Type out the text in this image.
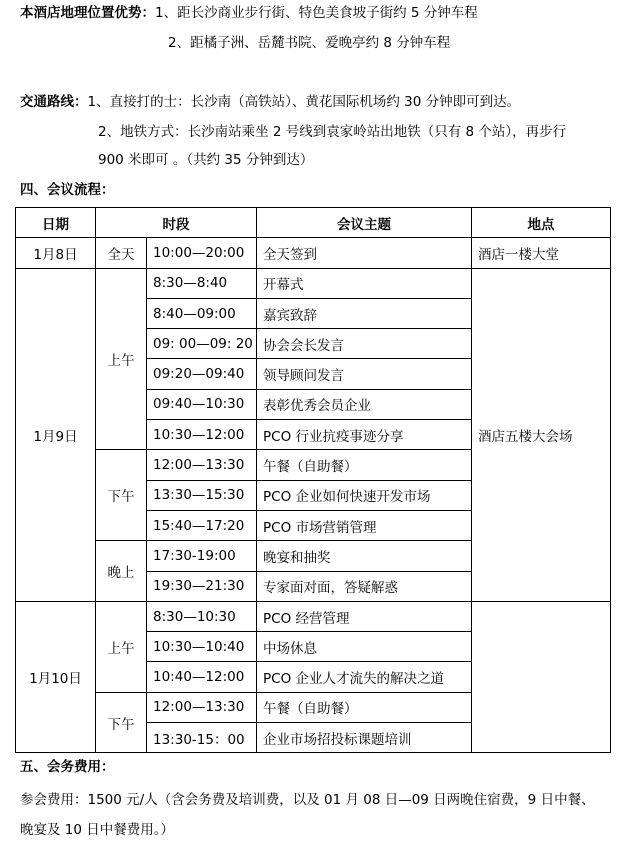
本酒店地理位置优势：1、距长沙商业步行街、特色美食坡子街约 5 分钟车程
2、距橘子洲、岳麓书院、爱晚亭约 8 分钟车程
交通路线：1、直接打的士：长沙南（高铁站）、黄花国际机场约 30 分钟即可到达。
2、地铁方式：长沙南站乘坐 2 号线到袁家岭站出地铁（只有 8 个站），再步行
900 米即可 。（共约 35 分钟到达）
四、会议流程：
日期	时段		会议主题	地点
1月8日	全天	10:00—20:00	全天签到	酒店一楼大堂
1月9日	上午	8:30—8:40	开幕式	酒店五楼大会场
		8:40—09:00	嘉宾致辞	
		09: 00—09: 20	协会会长发言	
		09:20—09:40	领导顾问发言	
		09:40—10:30	表彰优秀会员企业	
		10:30—12:00	PCO 行业抗疫事迹分享	
	下午	12:00—13:30	午餐（自助餐）	
		13:30—15:30	PCO 企业如何快速开发市场	
		15:40—17:20	PCO 市场营销管理	
	晚上	17:30-19:00	晚宴和抽奖	
		19:30—21:30	专家面对面，答疑解惑	
1月10日	上午	8:30—10:30	PCO 经营管理	
		10:30—10:40	中场休息	
		10:40—12:00	PCO 企业人才流失的解决之道	
	下午	12:00—13:30	午餐（自助餐）	
		13:30-15：00	企业市场招投标课题培训	
五、会务费用：
参会费用：1500 元/人（含会务费及培训费，以及 01 月 08 日—09 日两晚住宿费，9 日中餐、
晚宴及 10 日中餐费用。）
